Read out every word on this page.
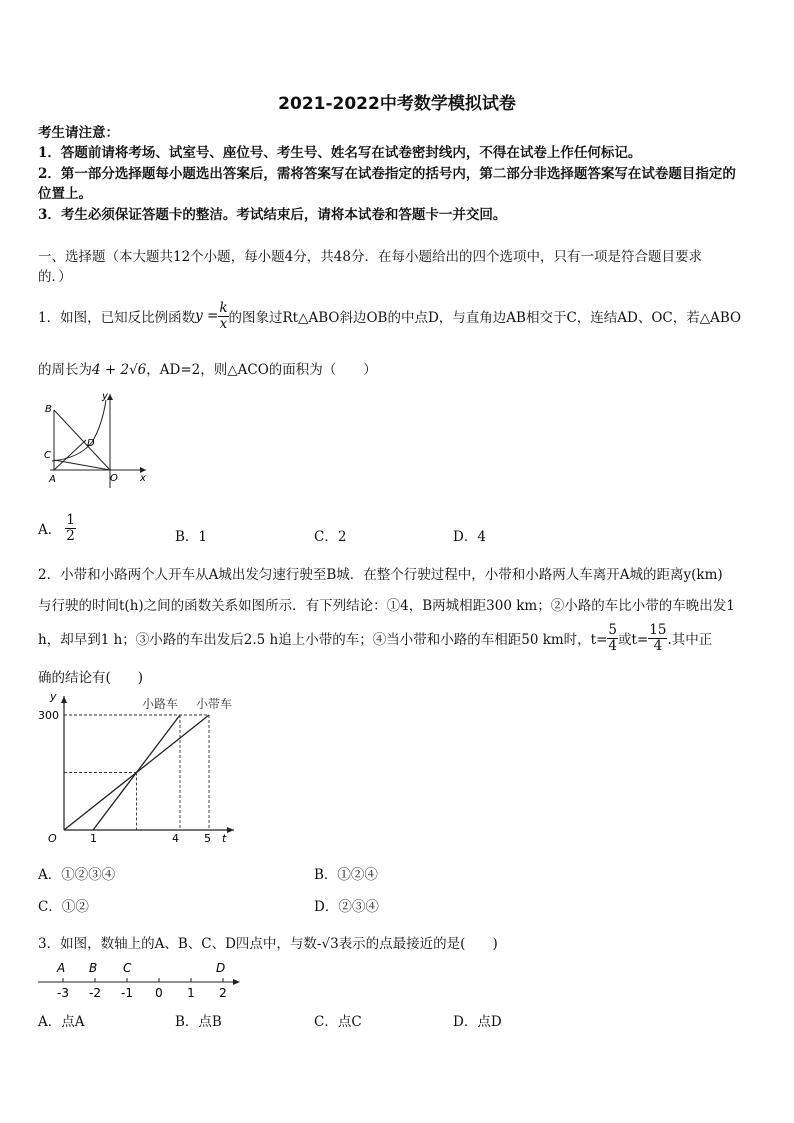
2021-2022中考数学模拟试卷
考生请注意：
1．答题前请将考场、试室号、座位号、考生号、姓名写在试卷密封线内，不得在试卷上作任何标记。
2．第一部分选择题每小题选出答案后，需将答案写在试卷指定的括号内，第二部分非选择题答案写在试卷题目指定的
位置上。
3．考生必须保证答题卡的整洁。考试结束后，请将本试卷和答题卡一并交回。
一、选择题（本大题共12个小题，每小题4分，共48分．在每小题给出的四个选项中，只有一项是符合题目要求
的．）
1．如图，已知反比例函数 $y = \frac{k}{x}$ 的图象过Rt△ABO斜边OB的中点D，与直角边AB相交于C，连结AD、OC，若△ABO
的周长为4 + 2√6，AD=2，则△ACO的面积为（　　）
B
y
D
C
A	O x
A． $\frac{1}{2}$	B．1	C．2	D．4
2．小带和小路两个人开车从A城出发匀速行驶至B城．在整个行驶过程中，小带和小路两人车离开A城的距离y(km)
与行驶的时间t(h)之间的函数关系如图所示．有下列结论：①4，B两城相距300 km；②小路的车比小带的车晚出发1
h，却早到1 h；③小路的车出发后2.5 h追上小带的车；④当小带和小路的车相距50 km时，$t= \frac{5}{4}$ 或$t= \frac{15}{4}$ .其中正
确的结论有(　　)
y
300
小路车 小带车
O	1	4 5 t
A．①②③④	B．①②④
C．①②	D．②③④
3．如图，数轴上的A、B、C、D四点中，与数-√3表示的点最接近的是(　　)
-3 -2 -1 0 1 2
A B C	D
A．点A	B．点B	C．点C	D．点D
